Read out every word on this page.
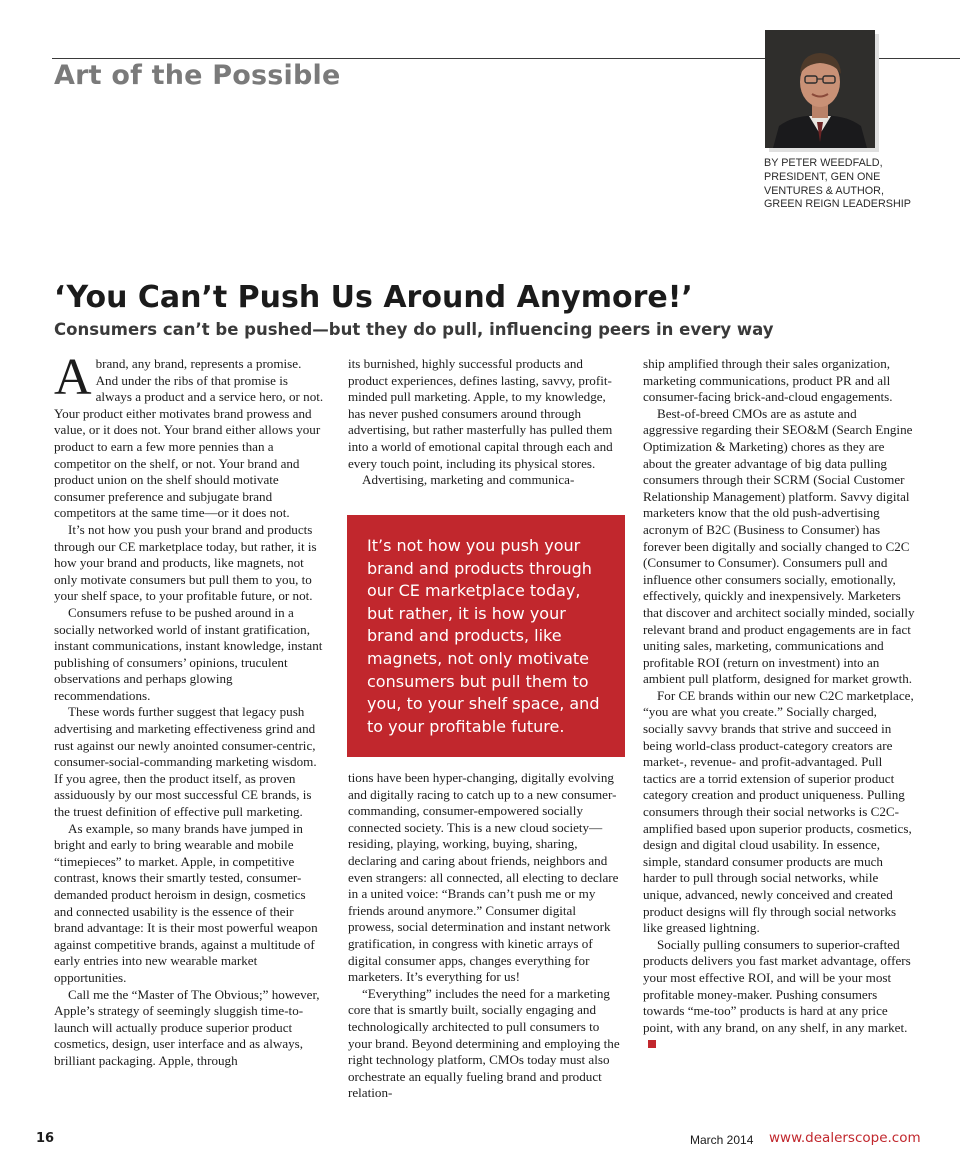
Art of the Possible
BY PETER WEEDFALD,
PRESIDENT, GEN ONE
VENTURES & AUTHOR,
GREEN REIGN LEADERSHIP
‘You Can’t Push Us Around Anymore!’
Consumers can’t be pushed—but they do pull, influencing peers in every way

Abrand, any brand, represents a promise. And under the ribs of that promise is always a product and a service hero, or not. Your product either motivates brand prowess and value, or it does not. Your brand either allows your product to earn a few more pennies than a competitor on the shelf, or not. Your brand and product union on the shelf should motivate consumer preference and subjugate brand competitors at the same time—or it does not.

It’s not how you push your brand and products through our CE marketplace today, but rather, it is how your brand and products, like magnets, not only motivate consumers but pull them to you, to your shelf space, to your profitable future, or not.

Consumers refuse to be pushed around in a socially networked world of instant gratification, instant communications, instant knowledge, instant publishing of consumers’ opinions, truculent observations and perhaps glowing recommendations.

These words further suggest that legacy push advertising and marketing effectiveness grind and rust against our newly anointed consumer-centric, consumer-social-commanding marketing wisdom. If you agree, then the product itself, as proven assiduously by our most successful CE brands, is the truest definition of effective pull marketing.

As example, so many brands have jumped in bright and early to bring wearable and mobile “timepieces” to market. Apple, in competitive contrast, knows their smartly tested, consumer-demanded product heroism in design, cosmetics and connected usability is the essence of their brand advantage: It is their most powerful weapon against competitive brands, against a multitude of early entries into new wearable market opportunities.

Call me the “Master of The Obvious;” however, Apple’s strategy of seemingly sluggish time-to-launch will actually produce superior product cosmetics, design, user interface and as always, brilliant packaging. Apple, through

its burnished, highly successful products and product experiences, defines lasting, savvy, profit-minded pull marketing. Apple, to my knowledge, has never pushed consumers around through advertising, but rather masterfully has pulled them into a world of emotional capital through each and every touch point, including its physical stores.

Advertising, marketing and communica-

It’s not how you push your brand and products through our CE marketplace today, but rather, it is how your brand and products, like magnets, not only motivate consumers but pull them to you, to your shelf space, and to your profitable future.

tions have been hyper-changing, digitally evolving and digitally racing to catch up to a new consumer-commanding, consumer-empowered socially connected society. This is a new cloud society—residing, playing, working, buying, sharing, declaring and caring about friends, neighbors and even strangers: all connected, all electing to declare in a united voice: “Brands can’t push me or my friends around anymore.” Consumer digital prowess, social determination and instant network gratification, in congress with kinetic arrays of digital consumer apps, changes everything for marketers. It’s everything for us!

“Everything” includes the need for a marketing core that is smartly built, socially engaging and technologically architected to pull consumers to your brand. Beyond determining and employing the right technology platform, CMOs today must also orchestrate an equally fueling brand and product relation-

ship amplified through their sales organization, marketing communications, product PR and all consumer-facing brick-and-cloud engagements.

Best-of-breed CMOs are as astute and aggressive regarding their SEO&M (Search Engine Optimization & Marketing) chores as they are about the greater advantage of big data pulling consumers through their SCRM (Social Customer Relationship Management) platform. Savvy digital marketers know that the old push-advertising acronym of B2C (Business to Consumer) has forever been digitally and socially changed to C2C (Consumer to Consumer). Consumers pull and influence other consumers socially, emotionally, effectively, quickly and inexpensively. Marketers that discover and architect socially minded, socially relevant brand and product engagements are in fact uniting sales, marketing, communications and profitable ROI (return on investment) into an ambient pull platform, designed for market growth.

For CE brands within our new C2C marketplace, “you are what you create.” Socially charged, socially savvy brands that strive and succeed in being world-class product-category creators are market-, revenue- and profit-advantaged. Pull tactics are a torrid extension of superior product category creation and product uniqueness. Pulling consumers through their social networks is C2C-amplified based upon superior products, cosmetics, design and digital cloud usability. In essence, simple, standard consumer products are much harder to pull through social networks, while unique, advanced, newly conceived and created product designs will fly through social networks like greased lightning.

Socially pulling consumers to superior-crafted products delivers you fast market advantage, offers your most effective ROI, and will be your most profitable money-maker. Pushing consumers towards “me-too” products is hard at any price point, with any brand, on any shelf, in any market.

16	March 2014 www.dealerscope.com
